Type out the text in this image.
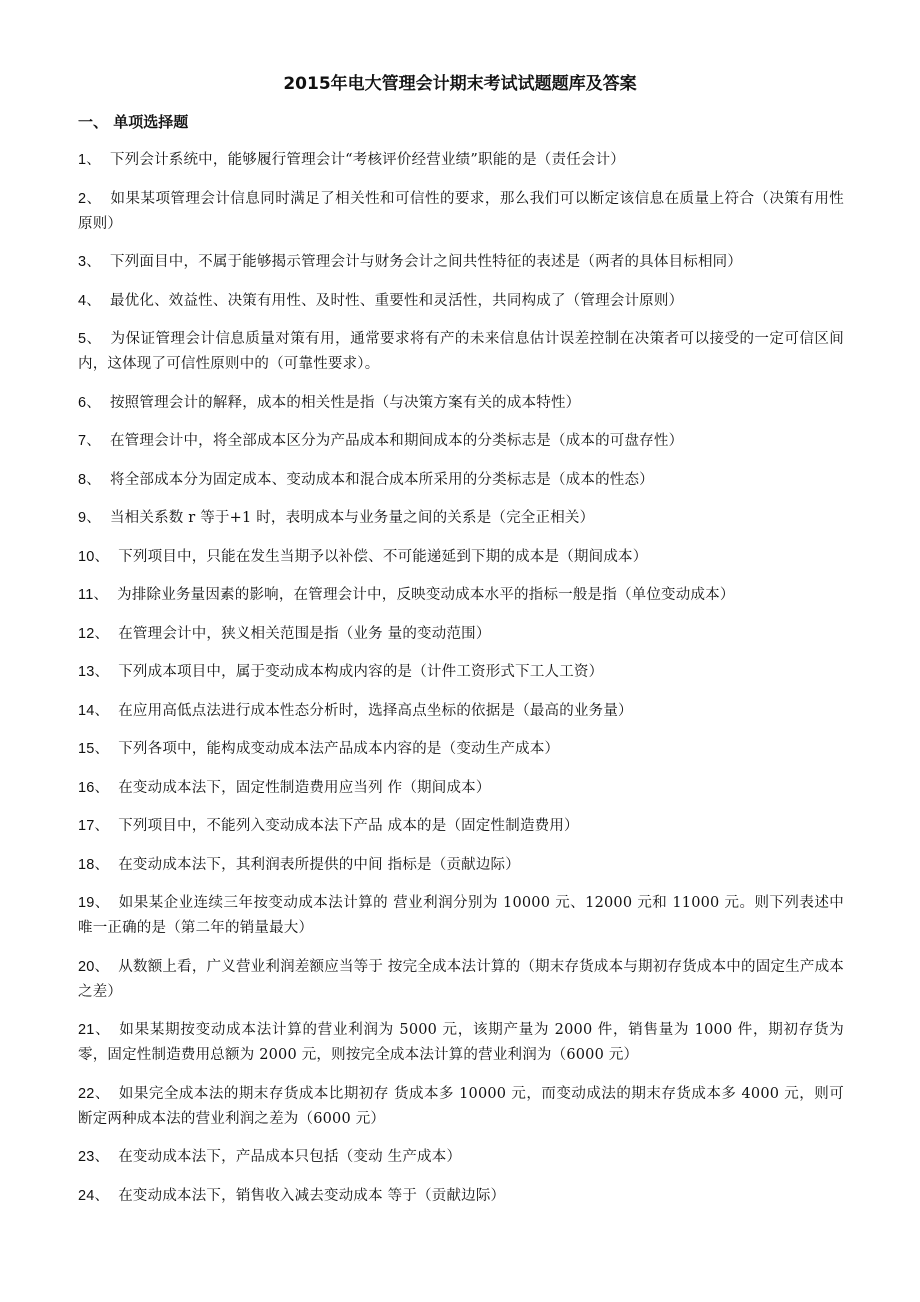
2015年电大管理会计期末考试试题题库及答案
一、 单项选择题
1、 下列会计系统中，能够履行管理会计“考核评价经营业绩”职能的是（责任会计）
2、 如果某项管理会计信息同时满足了相关性和可信性的要求，那么我们可以断定该信息在质量上符合（决策有用性原则）
3、 下列面目中，不属于能够揭示管理会计与财务会计之间共性特征的表述是（两者的具体目标相同）
4、 最优化、效益性、决策有用性、及时性、重要性和灵活性，共同构成了（管理会计原则）
5、 为保证管理会计信息质量对策有用，通常要求将有产的未来信息估计误差控制在决策者可以接受的一定可信区间内，这体现了可信性原则中的（可靠性要求）。
6、 按照管理会计的解释，成本的相关性是指（与决策方案有关的成本特性）
7、 在管理会计中，将全部成本区分为产品成本和期间成本的分类标志是（成本的可盘存性）
8、 将全部成本分为固定成本、变动成本和混合成本所采用的分类标志是（成本的性态）
9、 当相关系数 r 等于+1 时，表明成本与业务量之间的关系是（完全正相关）
10、 下列项目中，只能在发生当期予以补偿、不可能递延到下期的成本是（期间成本）
11、 为排除业务量因素的影响，在管理会计中，反映变动成本水平的指标一般是指（单位变动成本）
12、 在管理会计中，狭义相关范围是指（业务 量的变动范围）
13、 下列成本项目中，属于变动成本构成内容的是（计件工资形式下工人工资）
14、 在应用高低点法进行成本性态分析时，选择高点坐标的依据是（最高的业务量）
15、 下列各项中，能构成变动成本法产品成本内容的是（变动生产成本）
16、 在变动成本法下，固定性制造费用应当列 作（期间成本）
17、 下列项目中，不能列入变动成本法下产品 成本的是（固定性制造费用）
18、 在变动成本法下，其利润表所提供的中间 指标是（贡献边际）
19、 如果某企业连续三年按变动成本法计算的 营业利润分别为 10000 元、12000 元和 11000 元。则下列表述中唯一正确的是（第二年的销量最大）
20、 从数额上看，广义营业利润差额应当等于 按完全成本法计算的（期末存货成本与期初存货成本中的固定生产成本之差）
21、 如果某期按变动成本法计算的营业利润为 5000 元，该期产量为 2000 件，销售量为 1000 件，期初存货为零，固定性制造费用总额为 2000 元，则按完全成本法计算的营业利润为（6000 元）
22、 如果完全成本法的期末存货成本比期初存 货成本多 10000 元，而变动成法的期末存货成本多 4000 元，则可断定两种成本法的营业利润之差为（6000 元）
23、 在变动成本法下，产品成本只包括（变动 生产成本）
24、 在变动成本法下，销售收入减去变动成本 等于（贡献边际）
